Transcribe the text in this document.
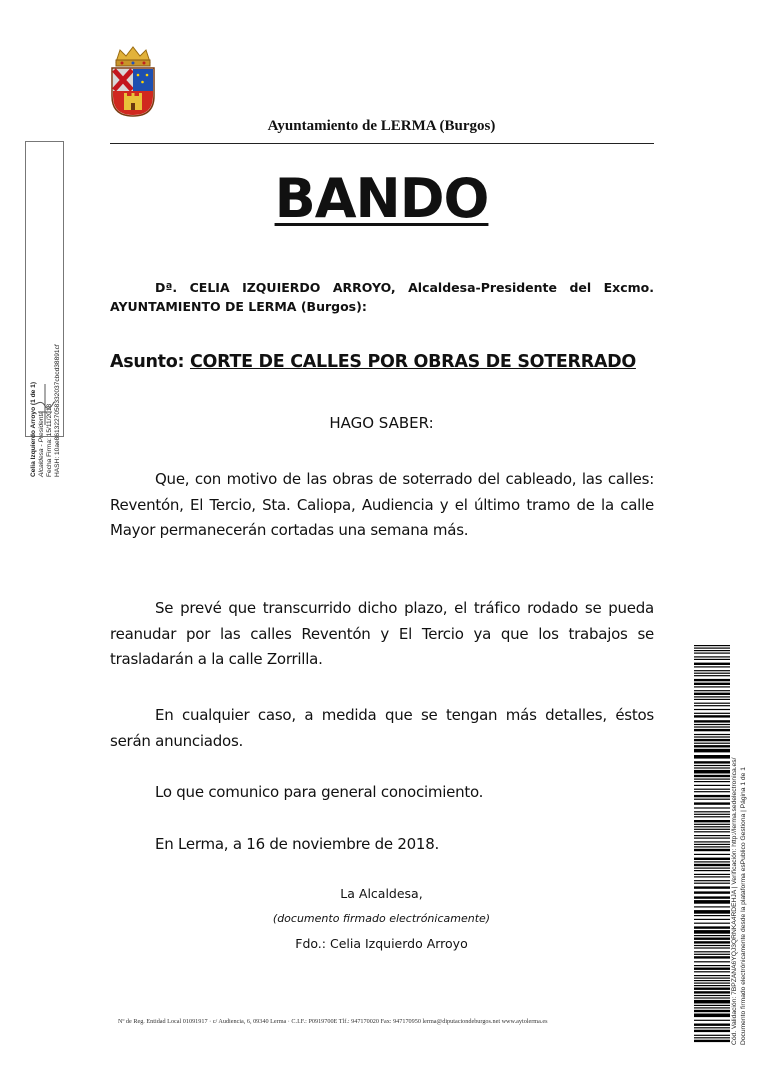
Ayuntamiento de LERMA (Burgos)
BANDO
Dª. CELIA IZQUIERDO ARROYO, Alcaldesa-Presidente del Excmo. AYUNTAMIENTO DE LERMA (Burgos):
Asunto: CORTE DE CALLES POR OBRAS DE SOTERRADO
HAGO SABER:
Que, con motivo de las obras de soterrado del cableado, las calles: Reventón, El Tercio, Sta. Caliopa, Audiencia y el último tramo de la calle Mayor permanecerán cortadas una semana más.
Se prevé que transcurrido dicho plazo, el tráfico rodado se pueda reanudar por las calles Reventón y El Tercio ya que los trabajos se trasladarán a la calle Zorrilla.
En cualquier caso, a medida que se tengan más detalles, éstos serán anunciados.
Lo que comunico para general conocimiento.
En Lerma, a 16 de noviembre de 2018.
La Alcaldesa,
(documento firmado electrónicamente)
Fdo.: Celia Izquierdo Arroyo
Nº de Reg. Entidad Local 01091917 · c/ Audiencia, 6, 09340 Lerma · C.I.F.: P0919700E Tlf.: 947170020 Fax: 947170950 lerma@diputaciondeburgos.net www.aytolerma.es
Celia Izquierdo Arroyo (1 de 1) Alcaldesa - Presidenta Fecha Firma: 15/11/2018 HASH: 10ae8613227058332037cbcd38891cf
Cód. Validación: 7BPZANA6YQJ3QRNKA4RDEHJA | Verificación: http://lerma.sedelectronica.es/ Documento firmado electrónicamente desde la plataforma esPublico Gestiona | Página 1 de 1
